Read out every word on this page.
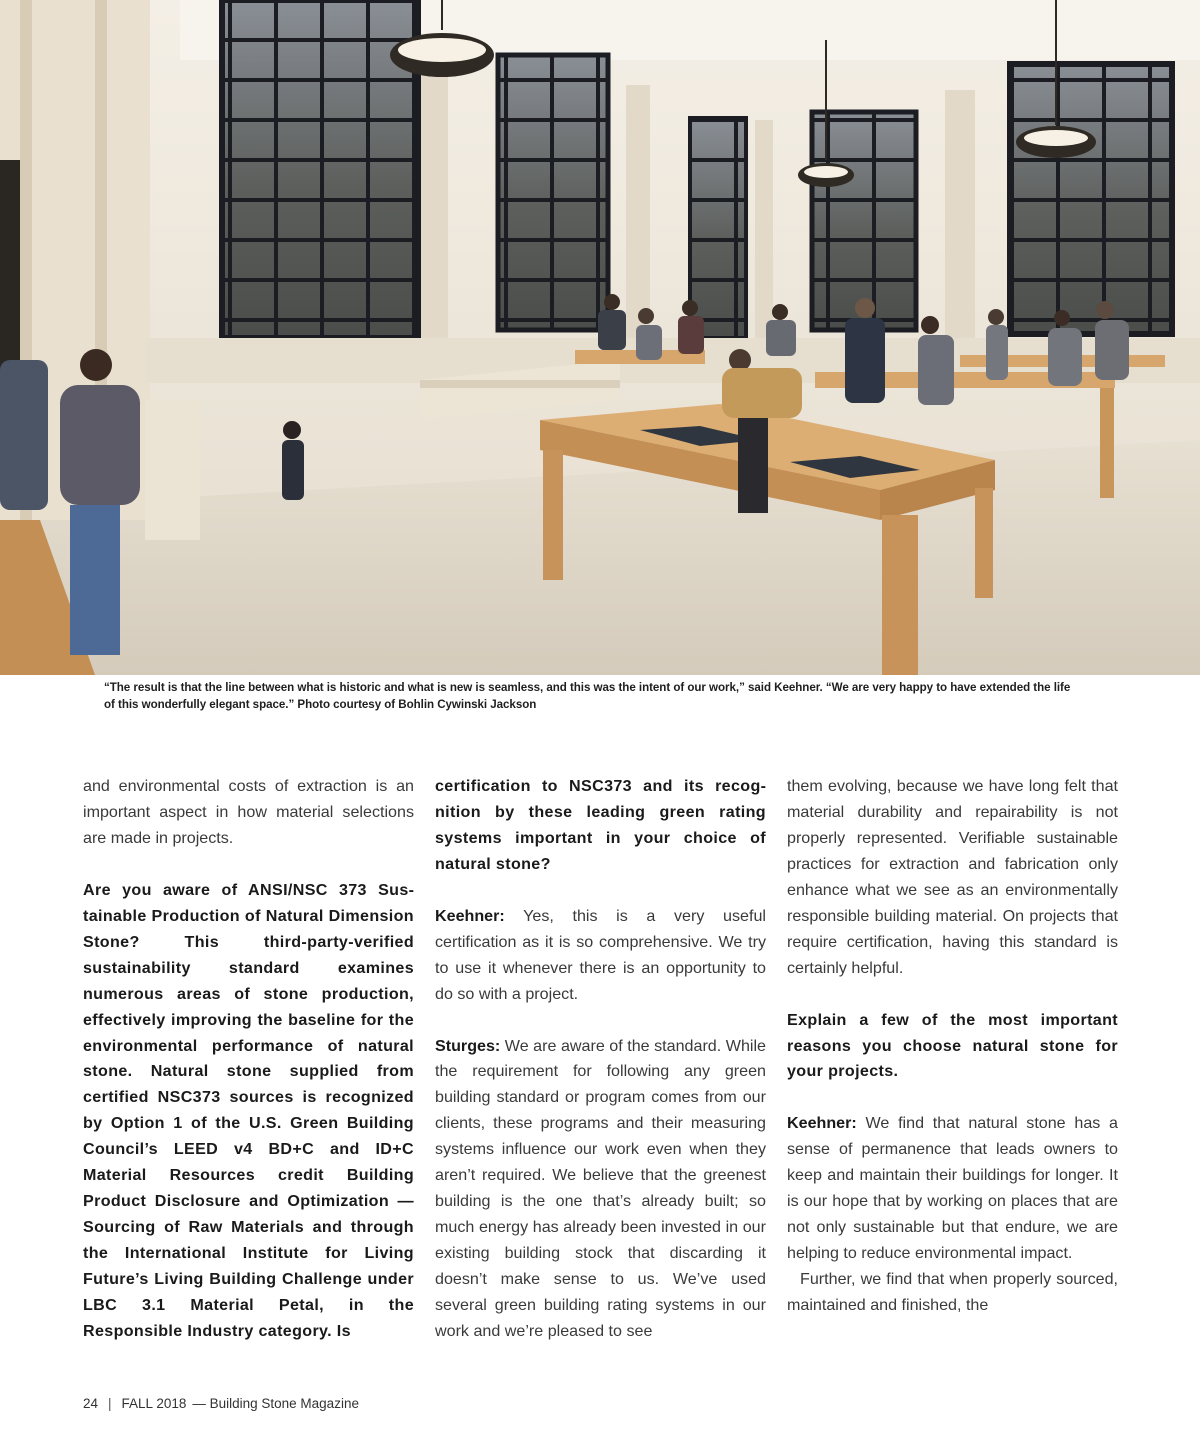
“The result is that the line between what is historic and what is new is seamless, and this was the intent of our work,” said Keehner. “We are very happy to have extended the life of this wonderfully elegant space.” Photo courtesy of Bohlin Cywinski Jackson

and environmental costs of extraction is an important aspect in how material selections are made in projects.

Are you aware of ANSI/NSC 373 Sustainable Production of Natural Dimension Stone? This third-party-verified sustainability standard examines numerous areas of stone production, effectively improving the baseline for the environmental performance of natural stone. Natural stone supplied from certified NSC373 sources is recognized by Option 1 of the U.S. Green Building Council’s LEED v4 BD+C and ID+C Material Resources credit Building Product Disclosure and Optimization — Sourcing of Raw Materials and through the International Institute for Living Future’s Living Building Challenge under LBC 3.1 Material Petal, in the Responsible Industry category. Is

certification to NSC373 and its recognition by these leading green rating systems important in your choice of natural stone?

Keehner: Yes, this is a very useful certification as it is so comprehensive. We try to use it whenever there is an opportunity to do so with a project.

Sturges: We are aware of the standard. While the requirement for following any green building standard or program comes from our clients, these programs and their measuring systems influence our work even when they aren’t required. We believe that the greenest building is the one that’s already built; so much energy has already been invested in our existing building stock that discarding it doesn’t make sense to us. We’ve used several green building rating systems in our work and we’re pleased to see

them evolving, because we have long felt that material durability and repairability is not properly represented. Verifiable sustainable practices for extraction and fabrication only enhance what we see as an environmentally responsible building material. On projects that require certification, having this standard is certainly helpful.

Explain a few of the most important reasons you choose natural stone for your projects.

Keehner: We find that natural stone has a sense of permanence that leads owners to keep and maintain their buildings for longer. It is our hope that by working on places that are not only sustainable but that endure, we are helping to reduce environmental impact.

Further, we find that when properly sourced, maintained and finished, the

24 | FALL 2018 — Building Stone Magazine
